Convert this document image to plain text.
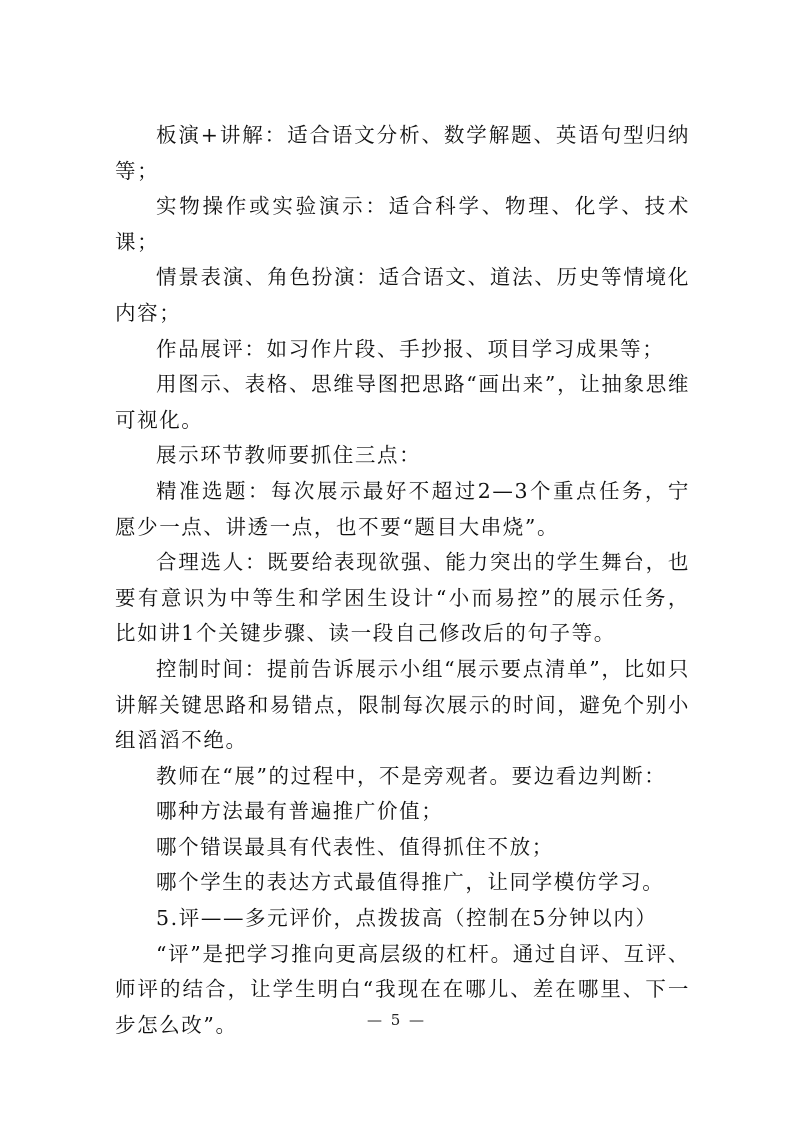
板演+讲解：适合语文分析、数学解题、英语句型归纳等；

实物操作或实验演示：适合科学、物理、化学、技术课；

情景表演、角色扮演：适合语文、道法、历史等情境化内容；

作品展评：如习作片段、手抄报、项目学习成果等；

用图示、表格、思维导图把思路“画出来”，让抽象思维可视化。

展示环节教师要抓住三点：

精准选题：每次展示最好不超过2—3个重点任务，宁愿少一点、讲透一点，也不要“题目大串烧”。

合理选人：既要给表现欲强、能力突出的学生舞台，也要有意识为中等生和学困生设计“小而易控”的展示任务，比如讲1个关键步骤、读一段自己修改后的句子等。

控制时间：提前告诉展示小组“展示要点清单”，比如只讲解关键思路和易错点，限制每次展示的时间，避免个别小组滔滔不绝。

教师在“展”的过程中，不是旁观者。要边看边判断：

哪种方法最有普遍推广价值；

哪个错误最具有代表性、值得抓住不放；

哪个学生的表达方式最值得推广，让同学模仿学习。

5.评——多元评价，点拨拔高（控制在5分钟以内）

“评”是把学习推向更高层级的杠杆。通过自评、互评、师评的结合，让学生明白“我现在在哪儿、差在哪里、下一步怎么改”。	— 5 —
